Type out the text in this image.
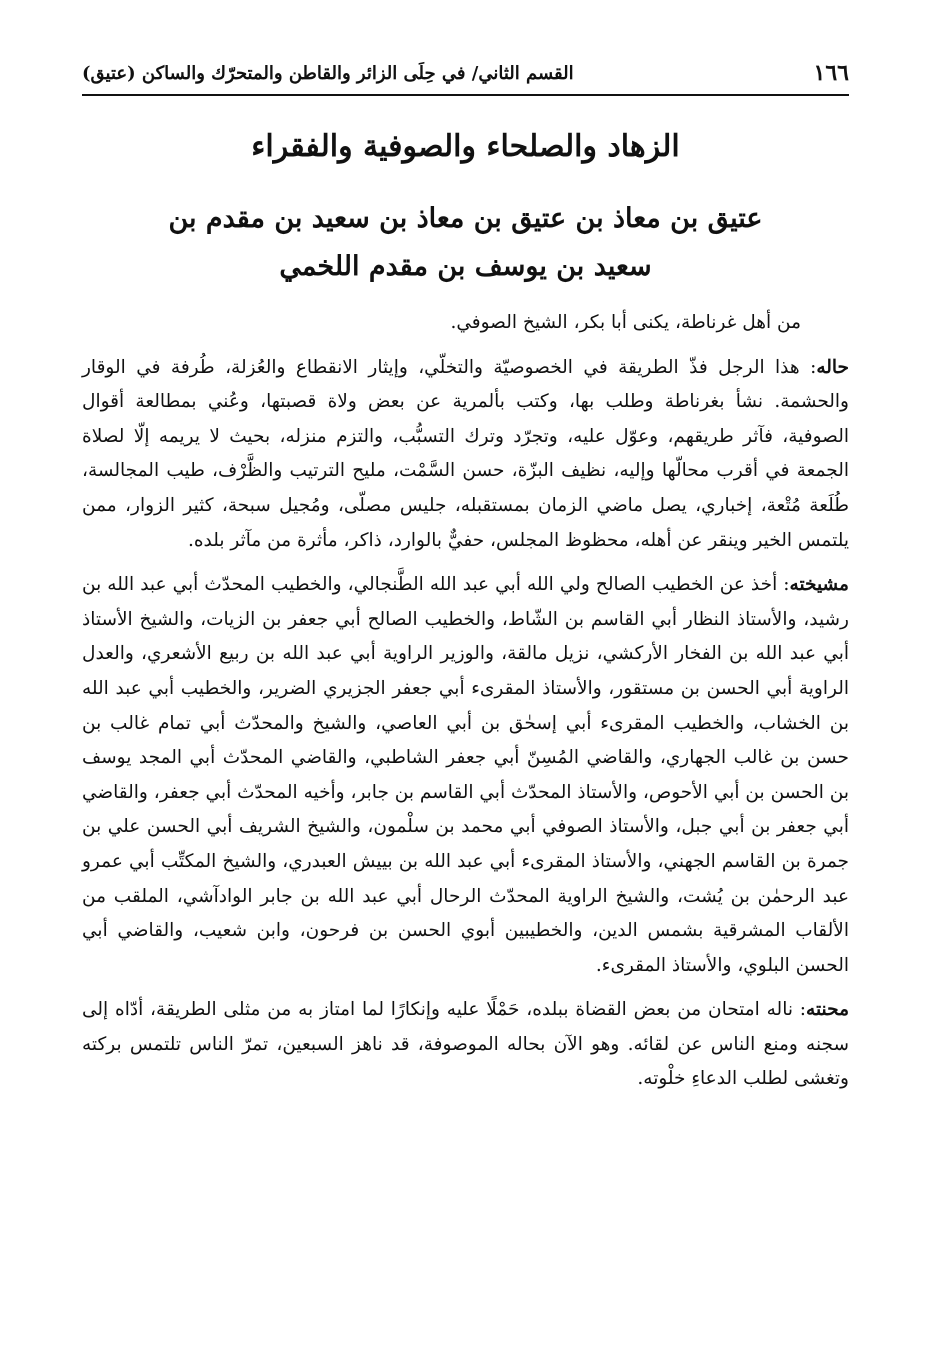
١٦٦
القسم الثاني/ في حِلَى الزائر والقاطن والمتحرّك والساكن (عتيق)
الزهاد والصلحاء والصوفية والفقراء
عتيق بن معاذ بن عتيق بن معاذ بن سعيد بن مقدم بن
سعيد بن يوسف بن مقدم اللخمي

من أهل غرناطة، يكنى أبا بكر، الشيخ الصوفي.

حاله: هذا الرجل فذّ الطريقة في الخصوصيّة والتخلّي، وإيثار الانقطاع والعُزلة، طُرفة في الوقار والحشمة. نشأ بغرناطة وطلب بها، وكتب بألمرية عن بعض ولاة قصبتها، وعُني بمطالعة أقوال الصوفية، فآثر طريقهم، وعوّل عليه، وتجرّد وترك التسبُّب، والتزم منزله، بحيث لا يريمه إلّا لصلاة الجمعة في أقرب محالّها وإليه، نظيف البزّة، حسن السَّمْت، مليح الترتيب والظَّرْف، طيب المجالسة، طُلَعة مُتْعة، إخباري، يصل ماضي الزمان بمستقبله، جليس مصلّى، ومُجيل سبحة، كثير الزوار، ممن يلتمس الخير وينقر عن أهله، محظوظ المجلس، حفيٌّ بالوارد، ذاكر، مأثرة من مآثر بلده.

مشيخته: أخذ عن الخطيب الصالح ولي الله أبي عبد الله الطَّنجالي، والخطيب المحدّث أبي عبد الله بن رشيد، والأستاذ النظار أبي القاسم بن الشّاط، والخطيب الصالح أبي جعفر بن الزيات، والشيخ الأستاذ أبي عبد الله بن الفخار الأركشي، نزيل مالقة، والوزير الراوية أبي عبد الله بن ربيع الأشعري، والعدل الراوية أبي الحسن بن مستقور، والأستاذ المقرىء أبي جعفر الجزيري الضرير، والخطيب أبي عبد الله بن الخشاب، والخطيب المقرىء أبي إسحٰق بن أبي العاصي، والشيخ والمحدّث أبي تمام غالب بن حسن بن غالب الجهاري، والقاضي المُسِنّ أبي جعفر الشاطبي، والقاضي المحدّث أبي المجد يوسف بن الحسن بن أبي الأحوص، والأستاذ المحدّث أبي القاسم بن جابر، وأخيه المحدّث أبي جعفر، والقاضي أبي جعفر بن أبي جبل، والأستاذ الصوفي أبي محمد بن سلْمون، والشيخ الشريف أبي الحسن علي بن جمرة بن القاسم الجهني، والأستاذ المقرىء أبي عبد الله بن بييش العبدري، والشيخ المكتِّب أبي عمرو عبد الرحمٰن بن يُشت، والشيخ الراوية المحدّث الرحال أبي عبد الله بن جابر الوادآشي، الملقب من الألقاب المشرقية بشمس الدين، والخطيبين أبوي الحسن بن فرحون، وابن شعيب، والقاضي أبي الحسن البلوي، والأستاذ المقرىء.

محنته: ناله امتحان من بعض القضاة ببلده، حَمْلًا عليه وإنكارًا لما امتاز به من مثلى الطريقة، أدّاه إلى سجنه ومنع الناس عن لقائه. وهو الآن بحاله الموصوفة، قد ناهز السبعين، تمرّ الناس تلتمس بركته وتغشى لطلب الدعاءِ خلْوته.
